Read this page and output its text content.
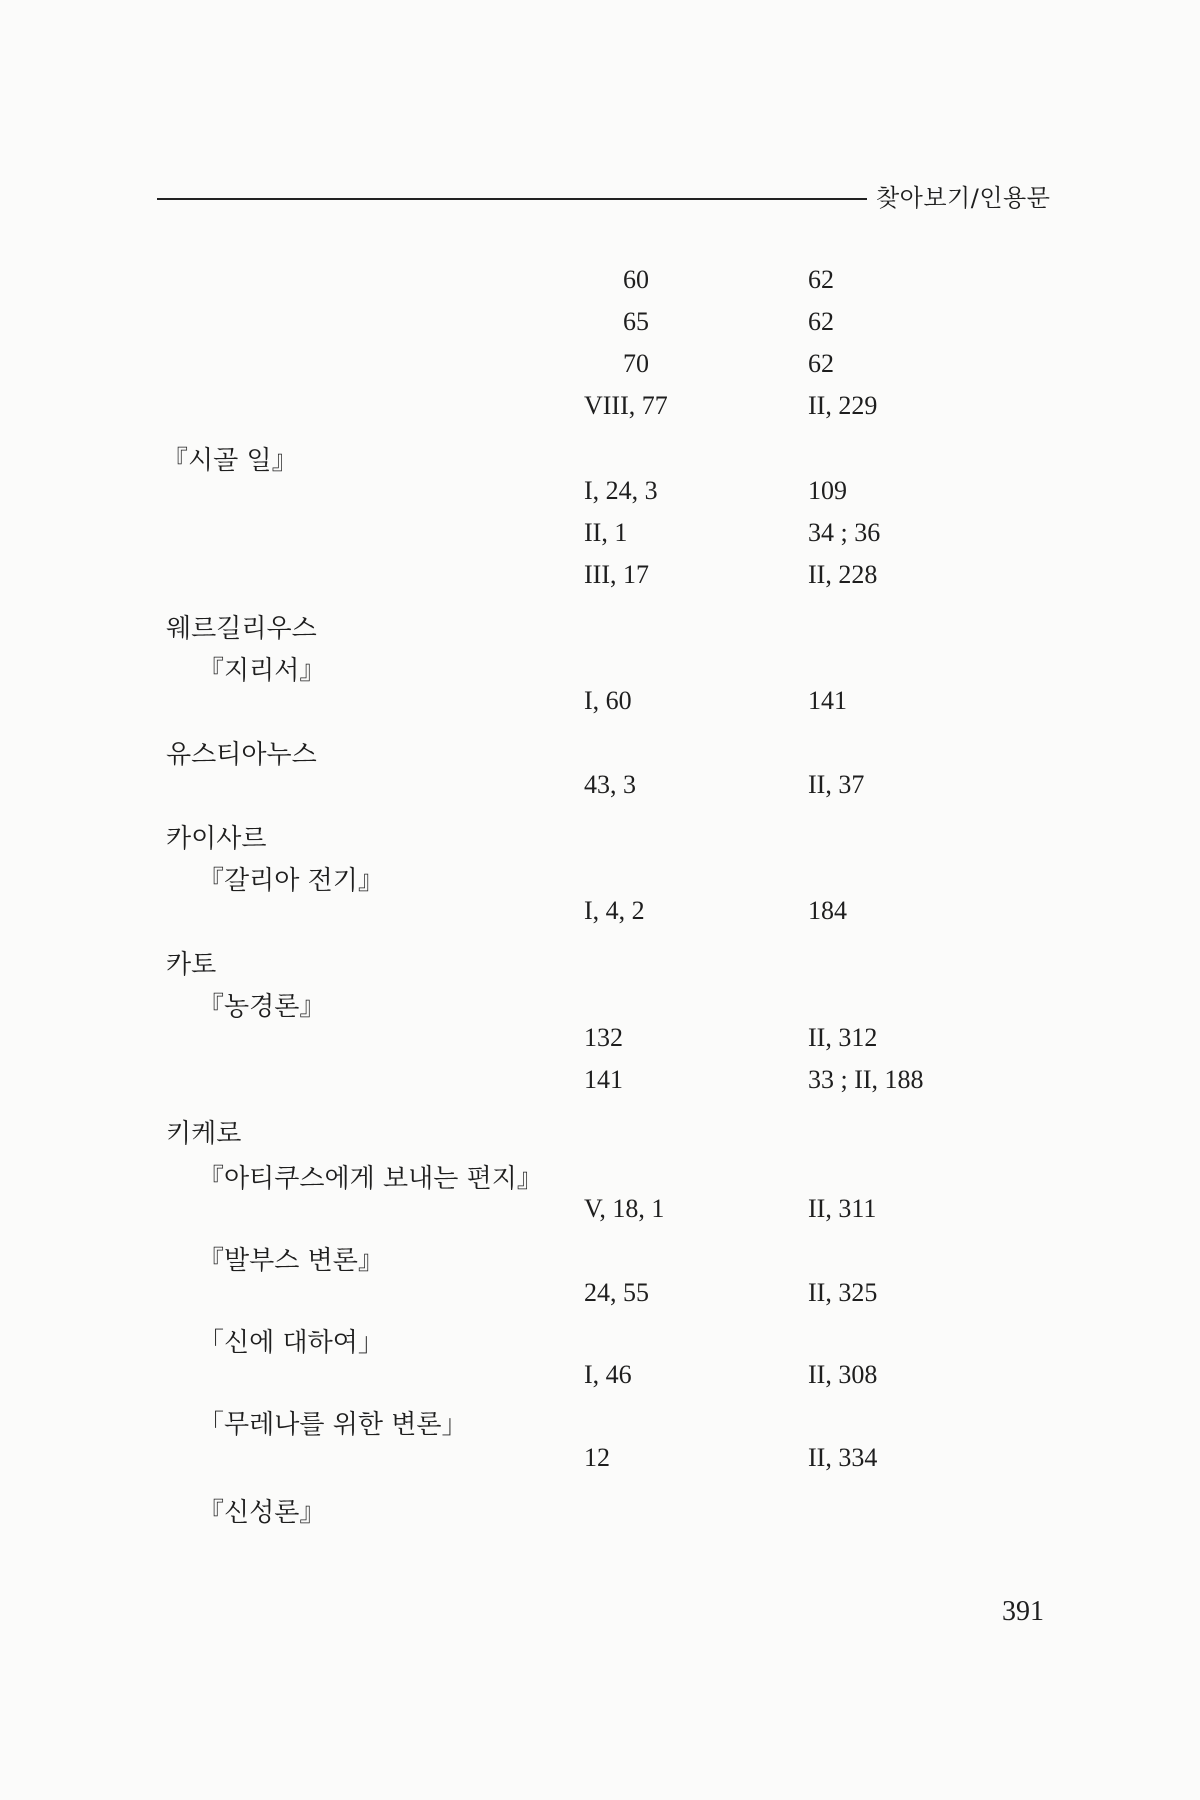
찾아보기/인용문
60	62
65	62
70	62
VIII, 77	II, 229
『시골 일』
I, 24, 3	109
II, 1	34 ; 36
III, 17	II, 228
웨르길리우스
『지리서』
I, 60	141
유스티아누스
43, 3	II, 37
카이사르
『갈리아 전기』
I, 4, 2	184
카토
『농경론』
132	II, 312
141	33 ; II, 188
키케로
『아티쿠스에게 보내는 편지』
V, 18, 1	II, 311
『발부스 변론』
24, 55	II, 325
「신에 대하여」
I, 46	II, 308
「무레나를 위한 변론」
12	II, 334
『신성론』
391
